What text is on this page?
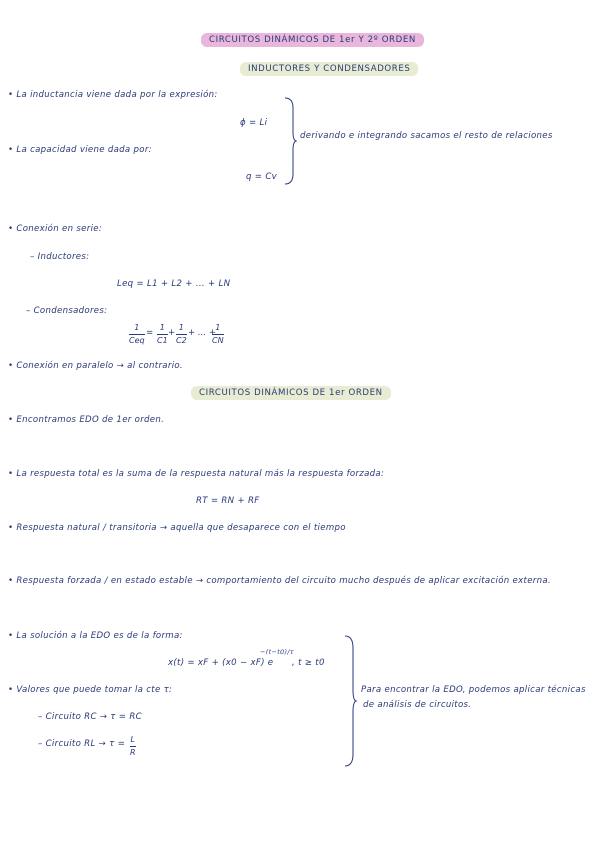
CIRCUITOS DINÁMICOS DE 1er Y 2º ORDEN
INDUCTORES Y CONDENSADORES
• La inductancia viene dada por la expresión:
ϕ = Li
• La capacidad viene dada por:
q = Cv
derivando e integrando sacamos el resto de relaciones
• Conexión en serie:
– Inductores:
Leq = L1 + L2 + ... + LN
– Condensadores:
1
Ceq
=
1
C1
+
1
C2
+ ... +
1
CN
• Conexión en paralelo → al contrario.
CIRCUITOS DINÁMICOS DE 1er ORDEN
• Encontramos EDO de 1er orden.
• La respuesta total es la suma de la respuesta natural más la respuesta forzada:
RT = RN + RF
• Respuesta natural / transitoria → aquella que desaparece con el tiempo
• Respuesta forzada / en estado estable → comportamiento del circuito mucho después de aplicar excitación externa.
• La solución a la EDO es de la forma:
x(t) = xF + (x0 − xF) e
−(t−t0)/τ
, t ≥ t0
• Valores que puede tomar la cte τ:
– Circuito RC → τ = RC
– Circuito RL → τ = L
R
Para encontrar la EDO, podemos aplicar técnicas
de análisis de circuitos.
